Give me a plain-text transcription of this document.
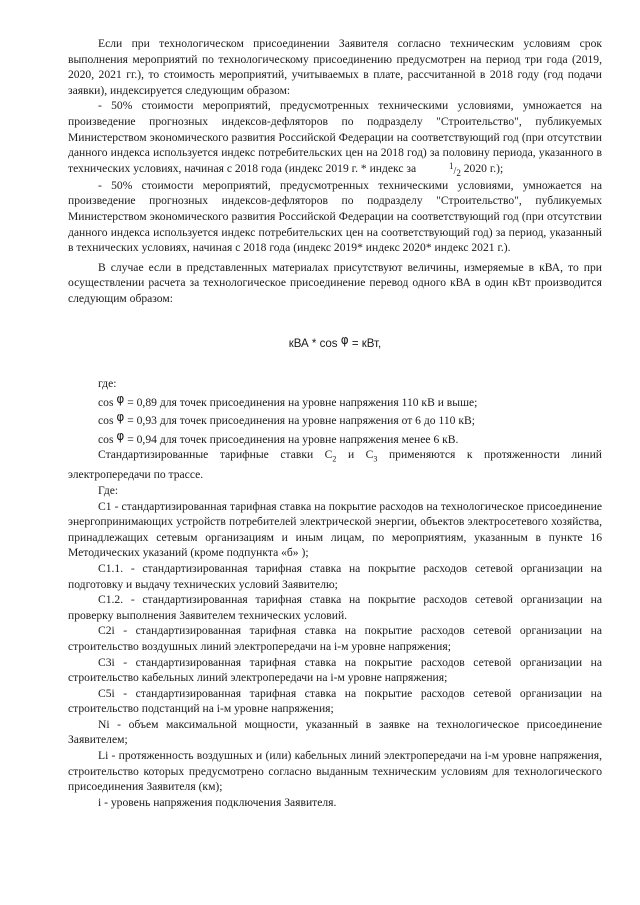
Если при технологическом присоединении Заявителя согласно техническим условиям срок выполнения мероприятий по технологическому присоединению предусмотрен на период три года (2019, 2020, 2021 гг.), то стоимость мероприятий, учитываемых в плате, рассчитанной в 2018 году (год подачи заявки), индексируется следующим образом:

- 50% стоимости мероприятий, предусмотренных техническими условиями, умножается на произведение прогнозных индексов-дефляторов по подразделу "Строительство", публикуемых Министерством экономического развития Российской Федерации на соответствующий год (при отсутствии данного индекса используется индекс потребительских цен на 2018 год) за половину периода, указанного в технических условиях, начиная с 2018 года (индекс 2019 г. * индекс за	$^1/_2$ 2020 г.);

- 50% стоимости мероприятий, предусмотренных техническими условиями, умножается на произведение прогнозных индексов-дефляторов по подразделу "Строительство", публикуемых Министерством экономического развития Российской Федерации на соответствующий год (при отсутствии данного индекса используется индекс потребительских цен на соответствующий год) за период, указанный в технических условиях, начиная с 2018 года (индекс 2019* индекс 2020* индекс 2021 г.).

В случае если в представленных материалах присутствуют величины, измеряемые в кВА, то при осуществлении расчета за технологическое присоединение перевод одного кВА в один кВт производится следующим образом:

кВА * cos φ = кВт,

где:

cos φ = 0,89 для точек присоединения на уровне напряжения 110 кВ и выше;

cos φ = 0,93 для точек присоединения на уровне напряжения от 6 до 110 кВ;

cos φ = 0,94 для точек присоединения на уровне напряжения менее 6 кВ.

Стандартизированные тарифные ставки $С_2$ и $С_3$ применяются к протяженности линий электропередачи по трассе.

Где:

С1 - стандартизированная тарифная ставка на покрытие расходов на технологическое присоединение энергопринимающих устройств потребителей электрической энергии, объектов электросетевого хозяйства, принадлежащих сетевым организациям и иным лицам, по мероприятиям, указанным в пункте 16 Методических указаний (кроме подпункта «б» );

С1.1. - стандартизированная тарифная ставка на покрытие расходов сетевой организации на подготовку и выдачу технических условий Заявителю;

С1.2. - стандартизированная тарифная ставка на покрытие расходов сетевой организации на проверку выполнения Заявителем технических условий.

С2i - стандартизированная тарифная ставка на покрытие расходов сетевой организации на строительство воздушных линий электропередачи на i-м уровне напряжения;

С3i - стандартизированная тарифная ставка на покрытие расходов сетевой организации на строительство кабельных линий электропередачи на i-м уровне напряжения;

С5i - стандартизированная тарифная ставка на покрытие расходов сетевой организации на строительство подстанций на i-м уровне напряжения;

Ni - объем максимальной мощности, указанный в заявке на технологическое присоединение Заявителем;

Li - протяженность воздушных и (или) кабельных линий электропередачи на i-м уровне напряжения, строительство которых предусмотрено согласно выданным техническим условиям для технологического присоединения Заявителя (км);

i - уровень напряжения подключения Заявителя.
